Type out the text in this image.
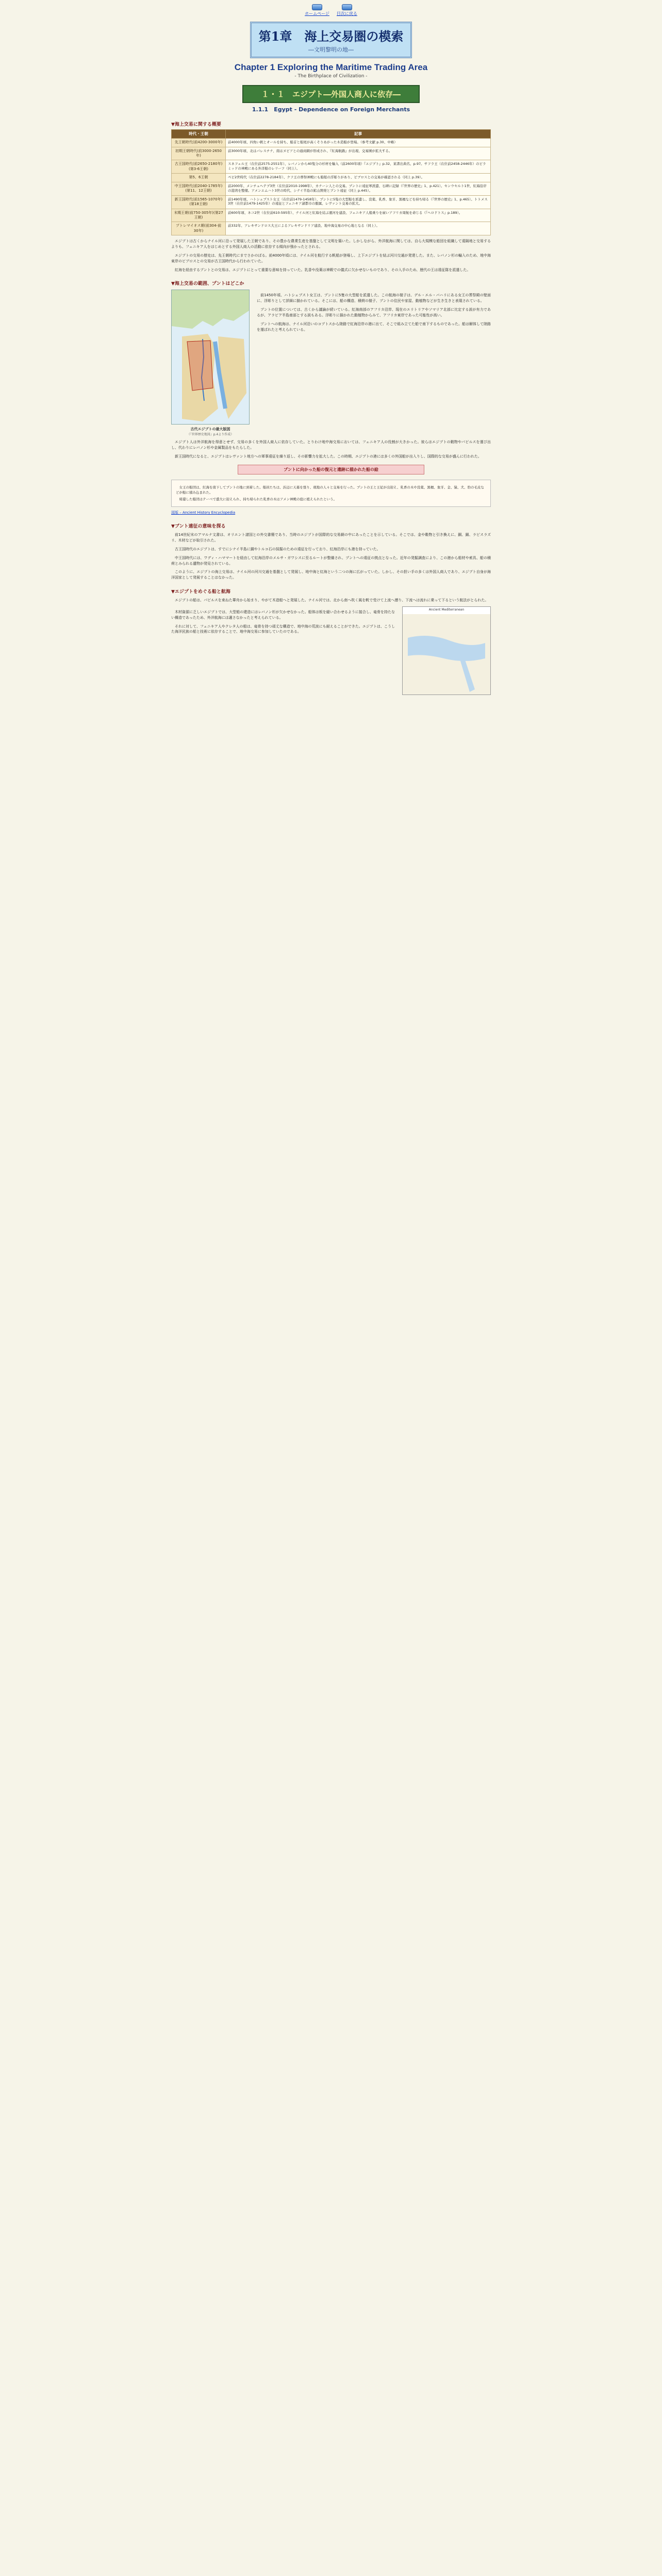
ホームページ 目次に戻る
第1章　海上交易圏の模索
―文明黎明の地―
Chapter 1 Exploring the Maritime Trading Area
- The Birthplace of Civilization -
１・１　エジプト―外国人商人に依存―
1.1.1　Egypt - Dependence on Foreign Merchants
▼海上交易に関する概要
時代・王朝	記事
先王朝時代(前4200-3000年)	前4000年頃、四角い帆とオールを持ち、船首と船尾が高くそりあがった木造船が登場。（参考文献 p.30、中略）
初期王朝時代(前3000-2650年)	前3000年頃、北はパレスチナ、南はヌビアとの通商網が形成され、『紅海航路』が出現、交易圏が拡大する。
古王国時代(前2650-2180年)(第3-6王朝)	スネフェル王（在位前2575-2551年）、レバノンから40隻分の杉材を輸入（前2600年頃）『エジプト』p.32、某書出典名、p.97。サフラ王（在位前2458-2446年）のピラミッドの神殿にある外洋船のレリーフ（同上）。
第5、6王朝	ペピ2世時代（在位前2278-2184年）、クフ王の葬祭神殿にも船舶の浮彫りがあり、ビブロスとの交易が確認される（同上 p.39）。
中王国時代(前2040-1785年)(第11、12王朝)	前2000年、メンチュヘテプ3世（在位前2010-1998年）、カナーン人との交易。プントに遠征軍派遣、石碑に記録（『世界の歴史』1、p.421）。センウセルト1世、紅海沿岸の港湾を整備。アメンエムハト3世の時代、シナイ半島の鉱山開発とプント遠征（同上 p.445）。
新王国時代(前1565-1070年)(第18王朝)	前1490年頃、ハトシェプスト女王（在位前1479-1458年）、プントに5隻の大型船を派遣し、没薬、乳香、象牙、黒檀などを持ち帰る（『世界の歴史』1、p.465）。トトメス3世（在位前1479-1425年）の遠征とフェニキア諸都市の服属、レヴァント交易の拡大。
末期王朝(前750-305年)(第27王朝)	前600年頃、ネコ2世（在位前610-595年）、ナイル河と紅海を結ぶ運河を建設、フェニキア人船乗りを雇いアフリカ周航を命じる（『ヘロドトス』p.189）。
プトレマイオス朝(前304-前30年)	前332年、アレキサンドロス大王によるアレキサンドリア建設、地中海交易の中心地となる（同上）。

エジプトは古くからナイル河に沿って発展した王朝であり、その豊かな農業生産を基盤として文明を築いた。しかしながら、外洋航海に関しては、自ら大規模な船団を組織して遠隔地と交易するよりも、フェニキア人をはじめとする外国人商人の活動に依存する傾向が強かったとされる。

エジプトの交易の歴史は、先王朝時代にまでさかのぼる。前4000年頃には、ナイル河を航行する帆船が登場し、上下エジプトを結ぶ河川交通が発達した。また、レバノン杉の輸入のため、地中海東岸のビブロスとの交易が古王国時代から行われていた。

紅海を経由するプントとの交易は、エジプトにとって重要な意味を持っていた。乳香や没薬は神殿での儀式に欠かせないものであり、その入手のため、歴代の王は遠征隊を派遣した。

▼海上交易の範囲、プントはどこか
古代エジプトの最大版図
（『世界歴史地図』p.4より作成）

前1450年頃、ハトシェプスト女王は、プントに5隻の大型船を派遣した。この航海の様子は、デル・エル・バハリにある女王の葬祭殿の壁面に、浮彫りとして詳細に描かれている。そこには、船の構造、積荷の様子、プントの住民や家屋、動植物などが生き生きと表現されている。

プントの位置については、古くから議論が続いている。紅海南部のアフリカ沿岸、現在のエリトリアやソマリア北部に比定する説が有力であるが、アラビア半島南部とする説もある。浮彫りに描かれた動植物からみて、アフリカ東岸であった可能性が高い。

プントへの航海は、ナイル河沿いのコプトスから陸路で紅海沿岸の港に出て、そこで組み立てた船で南下するものであった。船は解体して陸路を運ばれたと考えられている。

エジプト人は外洋航海を得意とせず、交易の多くを外国人商人に依存していた。とりわけ地中海交易においては、フェニキア人の役割が大きかった。彼らはエジプトの穀物やパピルスを運び出し、代わりにレバノン杉や金属製品をもたらした。

新王国時代になると、エジプトはレヴァント地方への軍事遠征を繰り返し、その影響力を拡大した。この時期、エジプトの港には多くの外国船が出入りし、国際的な交易が盛んに行われた。

プントに向かった船の復元と遺跡に描かれた船の絵

女王の船団は、紅海を南下してプントの地に到着した。船員たちは、浜辺に天幕を張り、現地の人々と交易を行った。プントの王と王妃が出迎え、乳香の木や没薬、黒檀、象牙、金、猿、犬、豹の毛皮などが船に積み込まれた。

帰還した船団はテーベで盛大に迎えられ、持ち帰られた乳香の木はアメン神殿の庭に植えられたという。

図版 – Ancient History Encyclopedia
▼ブント遠征の意味を探る

前14世紀末のアマルナ文書は、オリエント諸国との外交書簡であり、当時のエジプトが国際的な交易網の中にあったことを示している。そこでは、金や穀物と引き換えに、銅、錫、ラピスラズリ、木材などが取引された。

古王国時代のエジプトは、すでにシナイ半島に銅やトルコ石の採掘のための遠征を行っており、紅海沿岸にも港を持っていた。

中王国時代には、ワディ・ハママートを経由して紅海沿岸のメルサ・ガワシスに至るルートが整備され、プントへの遠征の拠点となった。近年の発掘調査により、この港から船材や索具、船の積荷とみられる遺物が発見されている。

このように、エジプトの海上交易は、ナイル河の河川交通を基盤として発展し、地中海と紅海という二つの海に広がっていた。しかし、その担い手の多くは外国人商人であり、エジプト自身が海洋国家として発展することはなかった。

▼エジプトをめぐる船と航海

エジプトの船は、パピルスを束ねた葦舟から始まり、やがて木造船へと発展した。ナイル河では、北から南へ吹く風を帆で受けて上流へ遡り、下流へは流れに乗って下るという航法がとられた。

木材資源に乏しいエジプトでは、大型船の建造にはレバノン杉が欠かせなかった。船体は板を縫い合わせるように接合し、竜骨を持たない構造であったため、外洋航海には適さなかったと考えられている。

それに対して、フェニキア人やクレタ人の船は、竜骨を持つ頑丈な構造で、地中海の荒波にも耐えることができた。エジプトは、こうした海洋民族の船と技術に依存することで、地中海交易に参加していたのである。

Ancient Mediterranean
